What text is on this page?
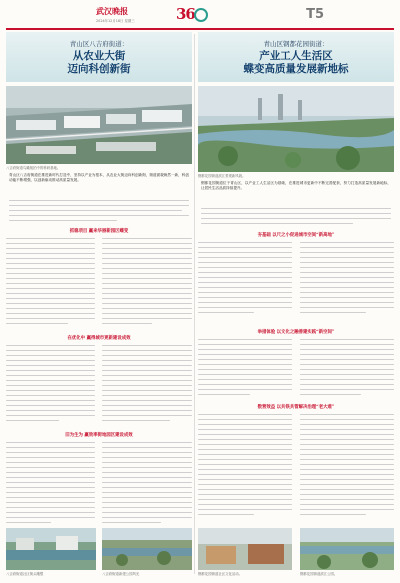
武汉晚报
2024年12月18日 星期三	36	T5
青山区八吉府街道：
从农业大街
迈向科创新街
八吉府街道鸟瞰航拍中的科研基地。
青山区八吉府街道在推进新时代打造中，坚持以产业为根本，从农业大街迈向科创新街，街道面貌焕然一新，科创动能不断增强，以创新驱动推动高质量发展。
抓稳项目 赢来华丽新园区蝶变
在优化中 赢得城市更新建设成效
旧为生为 赢效率街地园区建设成效
八吉府街道社区街头雕塑	八吉府街道新建公园风光
青山区钢都花园街道：
产业工人生活区
蝶变高质量发展新地标
钢都花园街道滨江景观新风貌。
钢都花园街道位于青山区，以产业工人生活区为基础，在推进城市更新中不断完善配套，努力打造高质量发展新地标，让居民生活品质持续提升。
夯基础 以尺之小促进城市空间“新高地”
举措体验 以文化之融善建实践“新空间”
数营效益 以共铁共管解决治理“老大难”
钢都花园街道社区文化活动。	钢都花园街道滨江公园。
